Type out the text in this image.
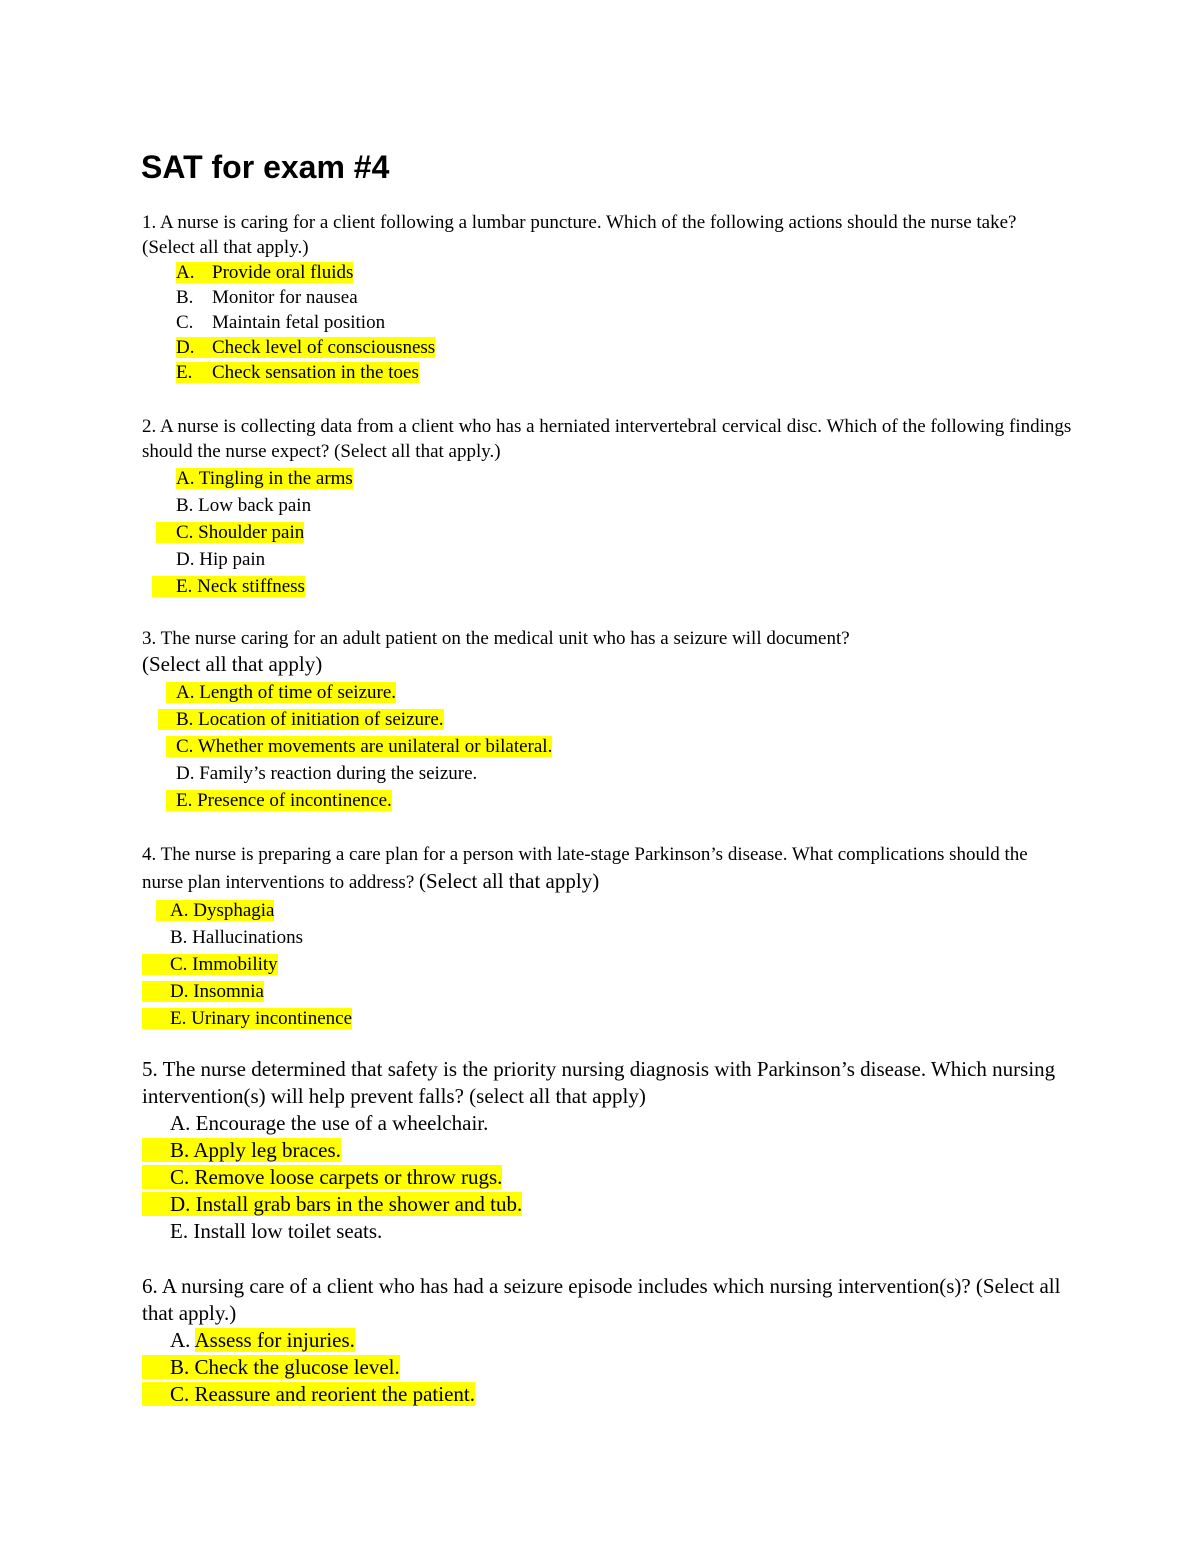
SAT for exam #4

1. A nurse is caring for a client following a lumbar puncture. Which of the following actions should the nurse take? (Select all that apply.)

A. Provide oral fluids
B. Monitor for nausea
C. Maintain fetal position
D. Check level of consciousness
E. Check sensation in the toes

2. A nurse is collecting data from a client who has a herniated intervertebral cervical disc. Which of the following findings should the nurse expect? (Select all that apply.)

A. Tingling in the arms
B. Low back pain
C. Shoulder pain
D. Hip pain
E. Neck stiffness

3. The nurse caring for an adult patient on the medical unit who has a seizure will document?

(Select all that apply)

A. Length of time of seizure.
B. Location of initiation of seizure.
C. Whether movements are unilateral or bilateral.
D. Family’s reaction during the seizure.
E. Presence of incontinence.

4. The nurse is preparing a care plan for a person with late-stage Parkinson’s disease. What complications should the nurse plan interventions to address? (Select all that apply)

A. Dysphagia
B. Hallucinations
C. Immobility
D. Insomnia
E. Urinary incontinence

5. The nurse determined that safety is the priority nursing diagnosis with Parkinson’s disease. Which nursing intervention(s) will help prevent falls? (select all that apply)

A. Encourage the use of a wheelchair.
B. Apply leg braces.
C. Remove loose carpets or throw rugs.
D. Install grab bars in the shower and tub.
E. Install low toilet seats.

6. A nursing care of a client who has had a seizure episode includes which nursing intervention(s)? (Select all that apply.)

A. Assess for injuries.
B. Check the glucose level.
C. Reassure and reorient the patient.
